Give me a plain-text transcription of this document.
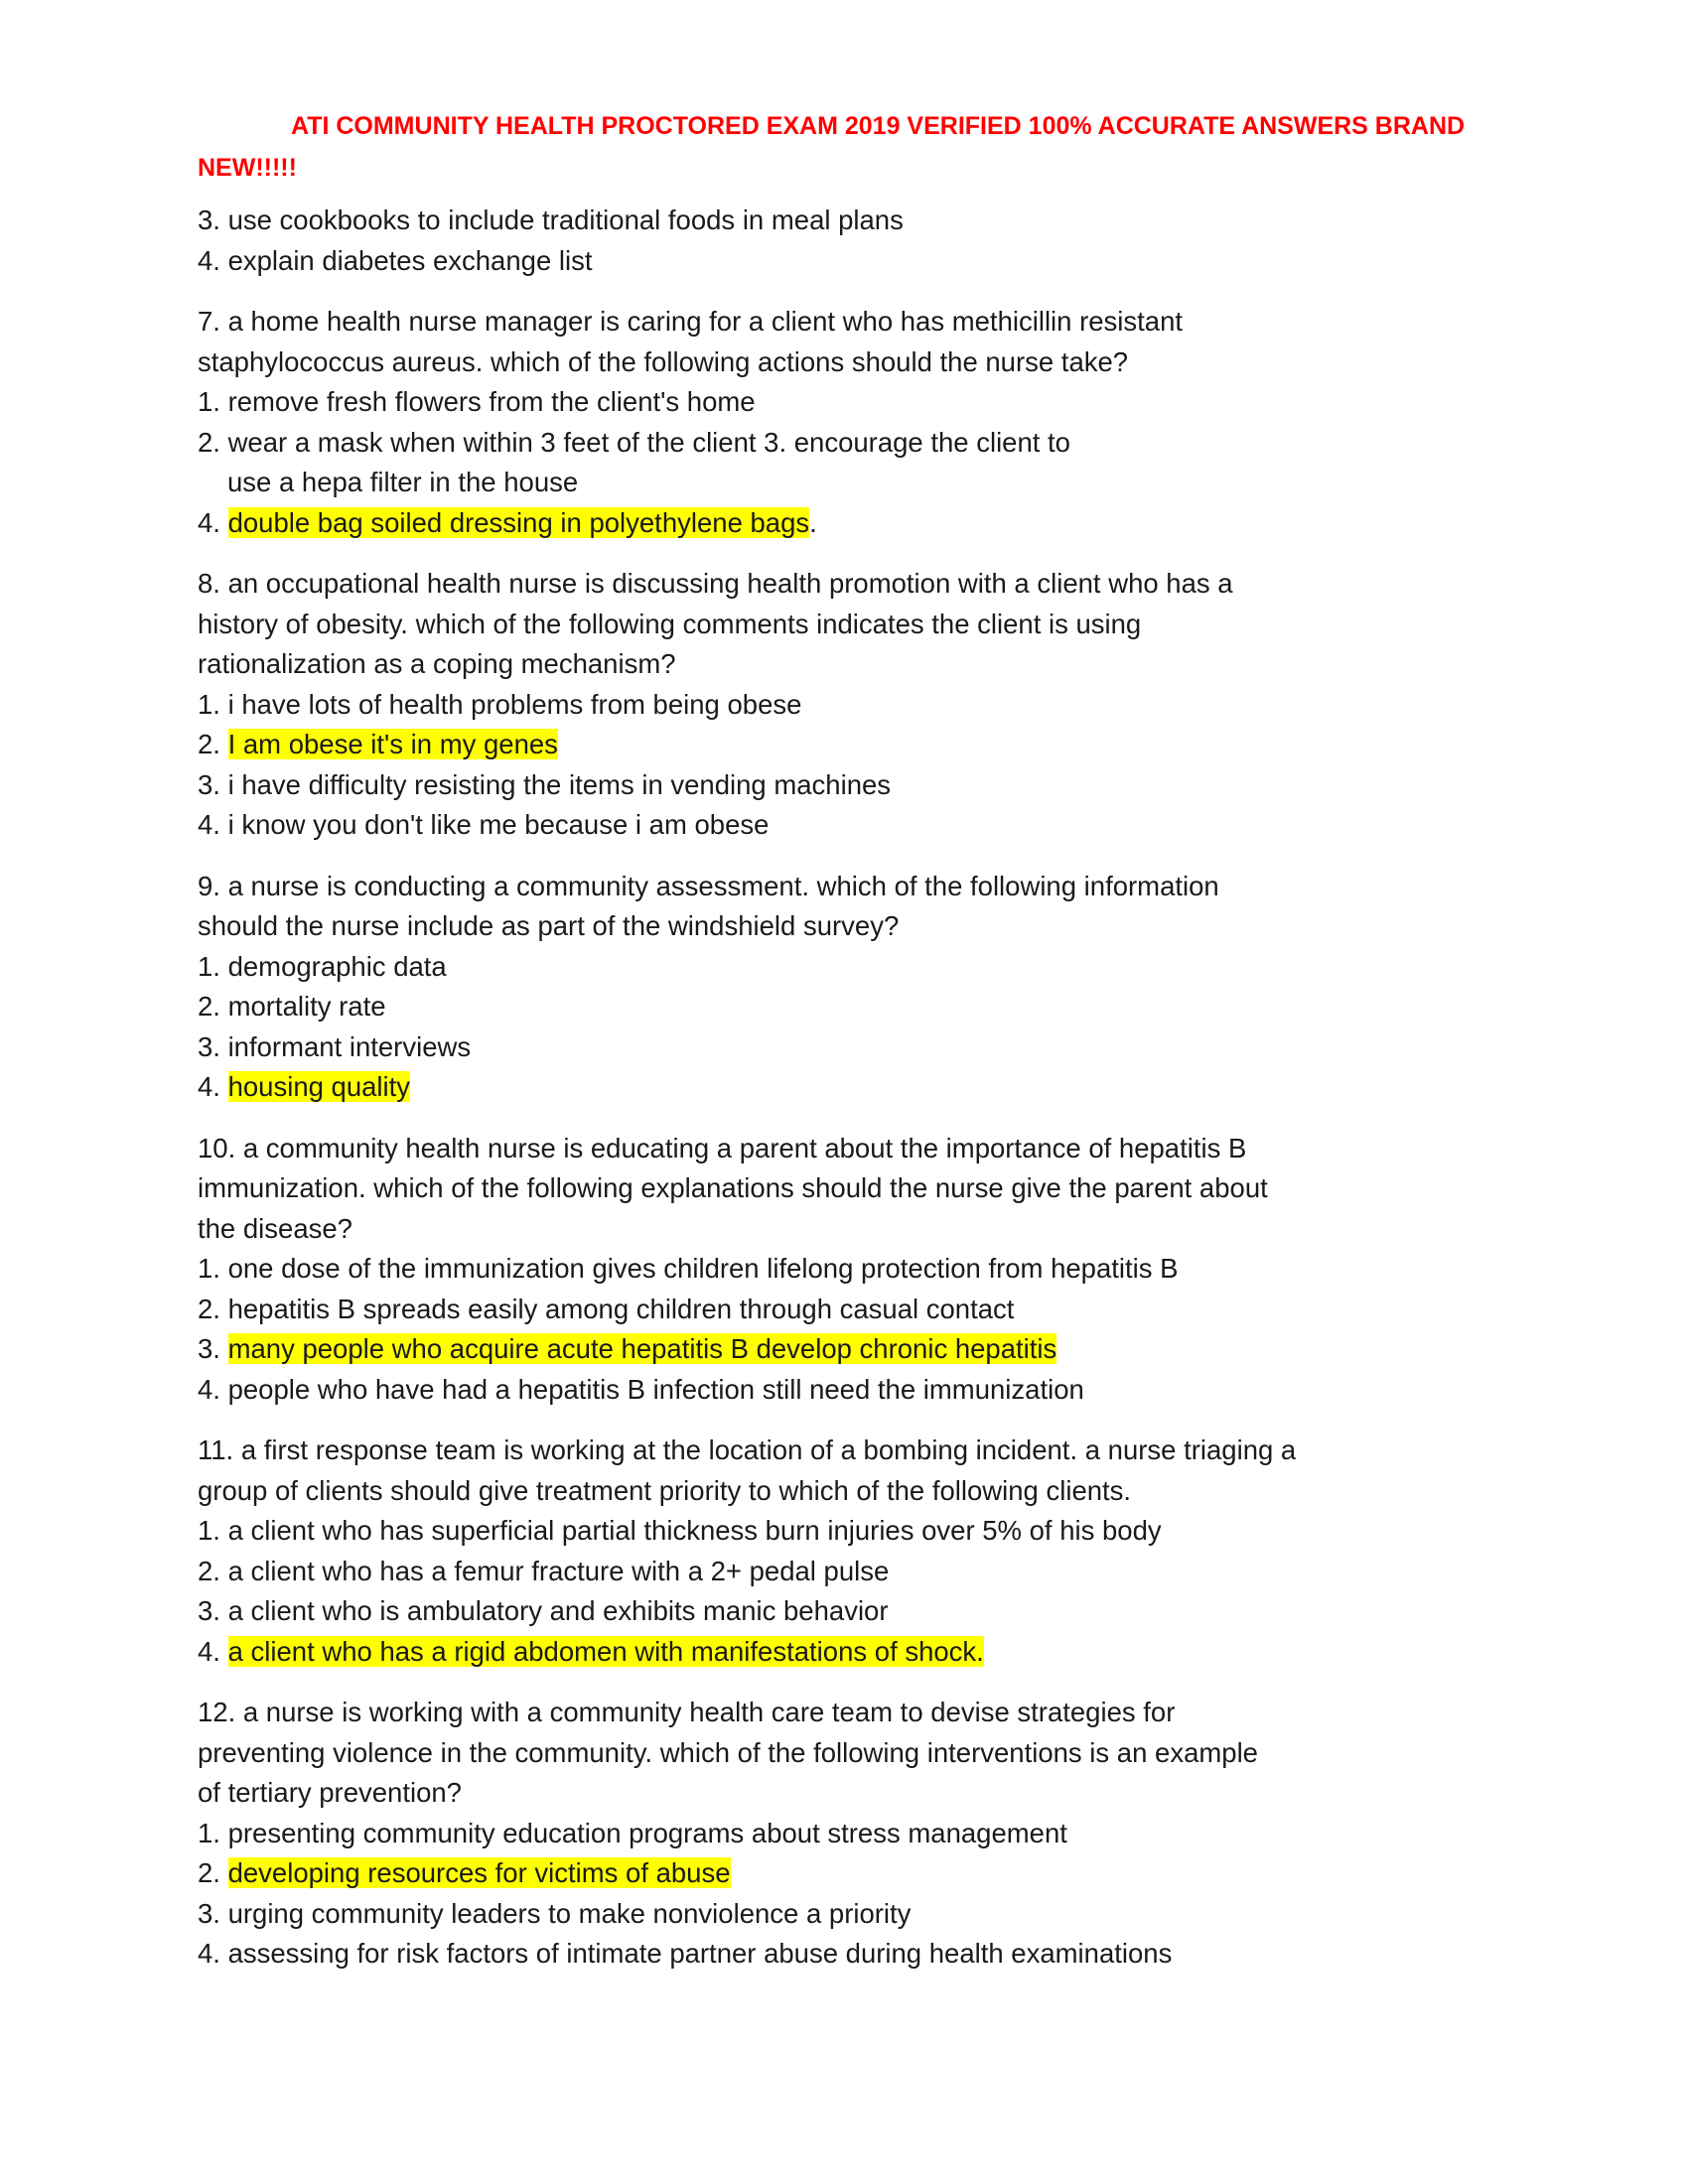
ATI COMMUNITY HEALTH PROCTORED EXAM 2019 VERIFIED 100% ACCURATE ANSWERS BRAND NEW!!!!!
3. use cookbooks to include traditional foods in meal plans
4. explain diabetes exchange list
7. a home health nurse manager is caring for a client who has methicillin resistant
staphylococcus aureus. which of the following actions should the nurse take?
1. remove fresh flowers from the client's home
2. wear a mask when within 3 feet of the client 3. encourage the client to
use a hepa filter in the house
4. double bag soiled dressing in polyethylene bags.
8. an occupational health nurse is discussing health promotion with a client who has a
history of obesity. which of the following comments indicates the client is using
rationalization as a coping mechanism?
1. i have lots of health problems from being obese
2. I am obese it's in my genes
3. i have difficulty resisting the items in vending machines
4. i know you don't like me because i am obese
9. a nurse is conducting a community assessment. which of the following information
should the nurse include as part of the windshield survey?
1. demographic data
2. mortality rate
3. informant interviews
4. housing quality
10. a community health nurse is educating a parent about the importance of hepatitis B
immunization. which of the following explanations should the nurse give the parent about
the disease?
1. one dose of the immunization gives children lifelong protection from hepatitis B
2. hepatitis B spreads easily among children through casual contact
3. many people who acquire acute hepatitis B develop chronic hepatitis
4. people who have had a hepatitis B infection still need the immunization
11. a first response team is working at the location of a bombing incident. a nurse triaging a
group of clients should give treatment priority to which of the following clients.
1. a client who has superficial partial thickness burn injuries over 5% of his body
2. a client who has a femur fracture with a 2+ pedal pulse
3. a client who is ambulatory and exhibits manic behavior
4. a client who has a rigid abdomen with manifestations of shock.
12. a nurse is working with a community health care team to devise strategies for
preventing violence in the community. which of the following interventions is an example
of tertiary prevention?
1. presenting community education programs about stress management
2. developing resources for victims of abuse
3. urging community leaders to make nonviolence a priority
4. assessing for risk factors of intimate partner abuse during health examinations
